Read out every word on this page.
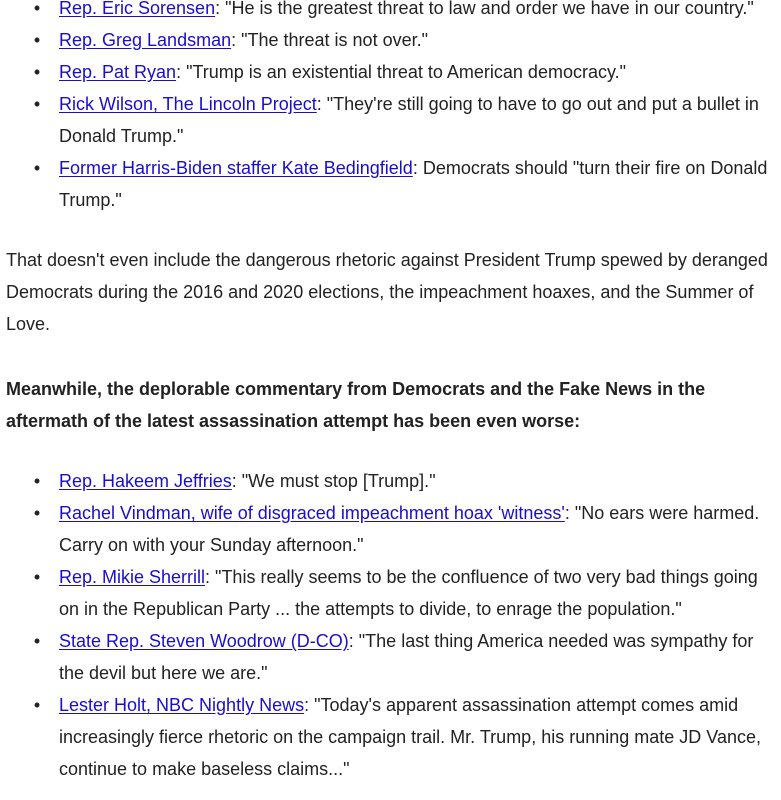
• Rep. Eric Sorensen: "He is the greatest threat to law and order we have in our country."
• Rep. Greg Landsman: "The threat is not over."
• Rep. Pat Ryan: "Trump is an existential threat to American democracy."
• Rick Wilson, The Lincoln Project: "They're still going to have to go out and put a bullet in Donald Trump."
• Former Harris-Biden staffer Kate Bedingfield: Democrats should "turn their fire on Donald Trump."

That doesn't even include the dangerous rhetoric against President Trump spewed by deranged Democrats during the 2016 and 2020 elections, the impeachment hoaxes, and the Summer of Love.

Meanwhile, the deplorable commentary from Democrats and the Fake News in the aftermath of the latest assassination attempt has been even worse:

• Rep. Hakeem Jeffries: "We must stop [Trump]."
• Rachel Vindman, wife of disgraced impeachment hoax 'witness': "No ears were harmed. Carry on with your Sunday afternoon."
• Rep. Mikie Sherrill: "This really seems to be the confluence of two very bad things going on in the Republican Party ... the attempts to divide, to enrage the population."
• State Rep. Steven Woodrow (D-CO): "The last thing America needed was sympathy for the devil but here we are."
• Lester Holt, NBC Nightly News: "Today's apparent assassination attempt comes amid increasingly fierce rhetoric on the campaign trail. Mr. Trump, his running mate JD Vance, continue to make baseless claims..."
